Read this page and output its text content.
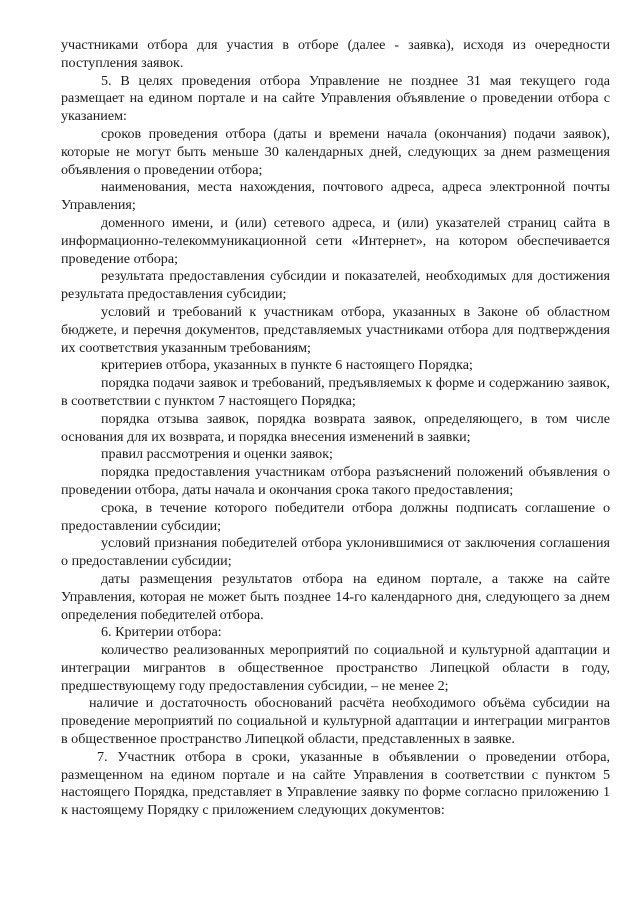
участниками отбора для участия в отборе (далее - заявка), исходя из очередности поступления заявок.

5. В целях проведения отбора Управление не позднее 31 мая текущего года размещает на едином портале и на сайте Управления объявление о проведении отбора с указанием:

сроков проведения отбора (даты и времени начала (окончания) подачи заявок), которые не могут быть меньше 30 календарных дней, следующих за днем размещения объявления о проведении отбора;

наименования, места нахождения, почтового адреса, адреса электронной почты Управления;

доменного имени, и (или) сетевого адреса, и (или) указателей страниц сайта в информационно-телекоммуникационной сети «Интернет», на котором обеспечивается проведение отбора;

результата предоставления субсидии и показателей, необходимых для достижения результата предоставления субсидии;

условий и требований к участникам отбора, указанных в Законе об областном бюджете, и перечня документов, представляемых участниками отбора для подтверждения их соответствия указанным требованиям;

критериев отбора, указанных в пункте 6 настоящего Порядка;

порядка подачи заявок и требований, предъявляемых к форме и содержанию заявок, в соответствии с пунктом 7 настоящего Порядка;

порядка отзыва заявок, порядка возврата заявок, определяющего, в том числе основания для их возврата, и порядка внесения изменений в заявки;

правил рассмотрения и оценки заявок;

порядка предоставления участникам отбора разъяснений положений объявления о проведении отбора, даты начала и окончания срока такого предоставления;

срока, в течение которого победители отбора должны подписать соглашение о предоставлении субсидии;

условий признания победителей отбора уклонившимися от заключения соглашения о предоставлении субсидии;

даты размещения результатов отбора на едином портале, а также на сайте Управления, которая не может быть позднее 14-го календарного дня, следующего за днем определения победителей отбора.

6. Критерии отбора:

количество реализованных мероприятий по социальной и культурной адаптации и интеграции мигрантов в общественное пространство Липецкой области в году, предшествующему году предоставления субсидии, – не менее 2;

наличие и достаточность обоснований расчёта необходимого объёма субсидии на проведение мероприятий по социальной и культурной адаптации и интеграции мигрантов в общественное пространство Липецкой области, представленных в заявке.

7. Участник отбора в сроки, указанные в объявлении о проведении отбора, размещенном на едином портале и на сайте Управления в соответствии с пунктом 5 настоящего Порядка, представляет в Управление заявку по форме согласно приложению 1 к настоящему Порядку с приложением следующих документов:
